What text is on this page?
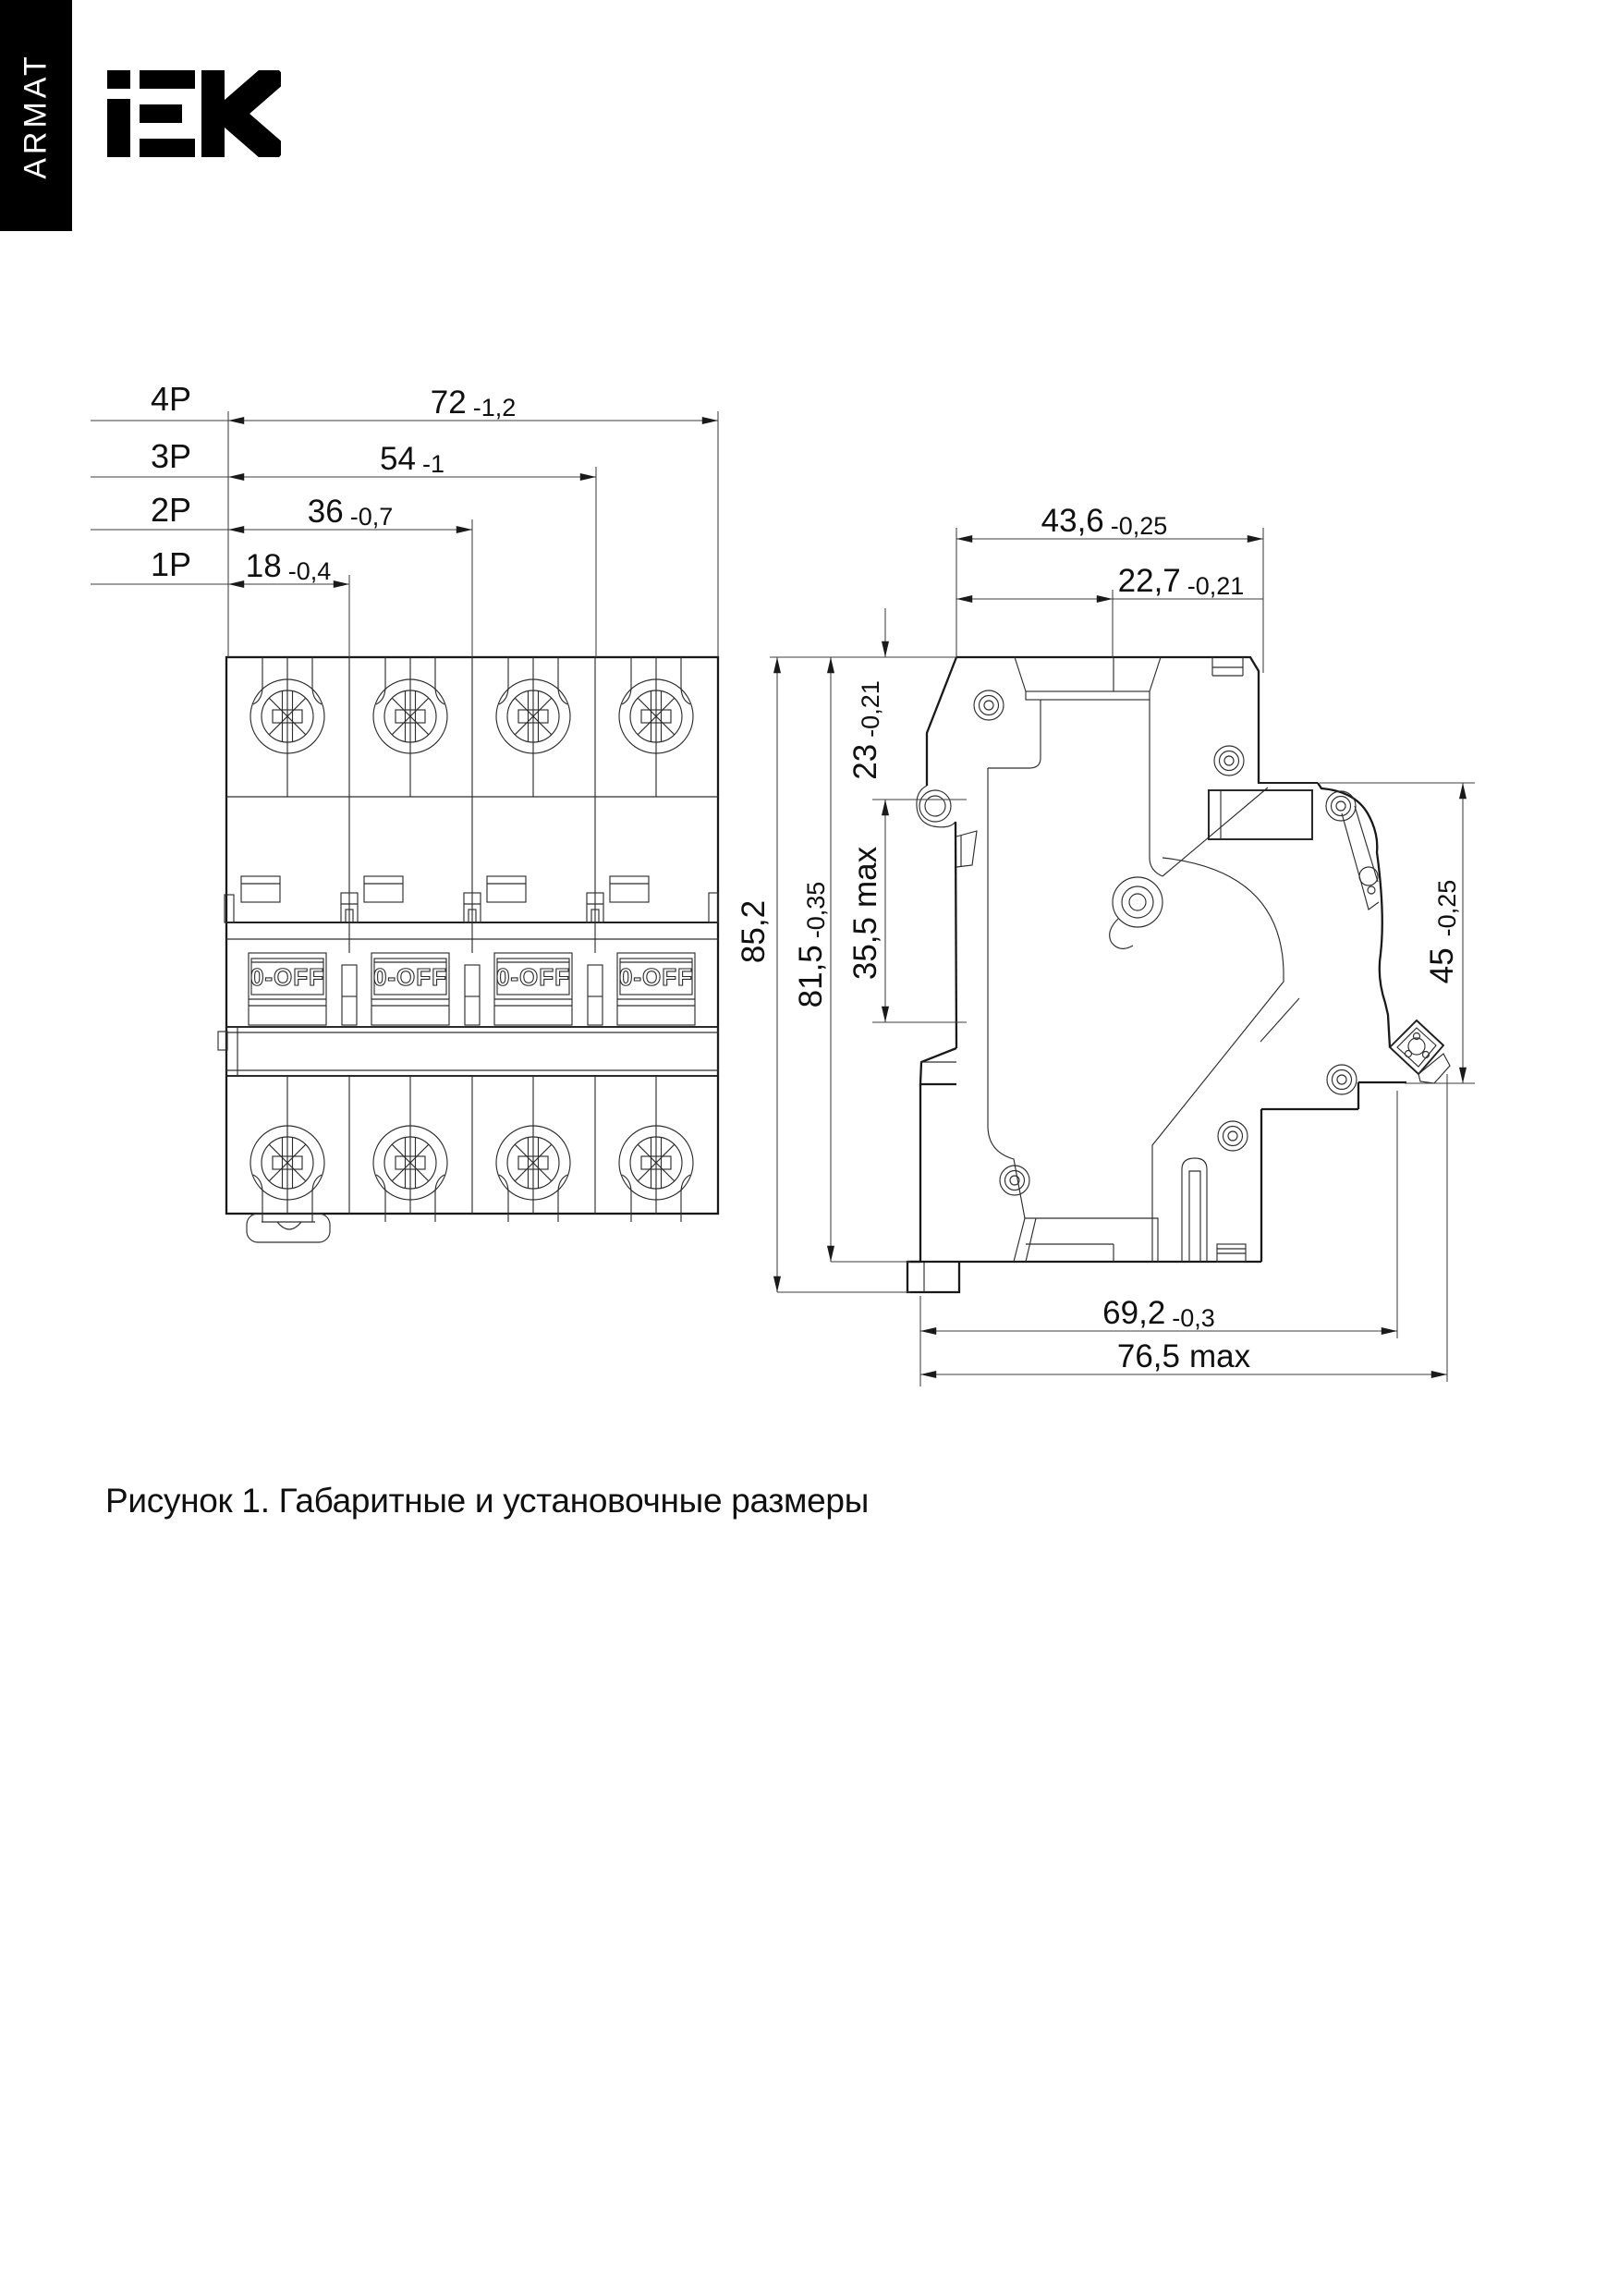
ARMAT
0-OFF 0-OFF 0-OFF 0-OFF
4P
3P
2P
1P
72 -1,2
54 -1
36 -0,7
18 -0,4
43,6 -0,25
22,7 -0,21
85,2
81,5-0,35
23-0,21
35,5max
45-0,25
69,2 -0,3
76,5 max
Рисунок 1. Габаритные и установочные размеры
